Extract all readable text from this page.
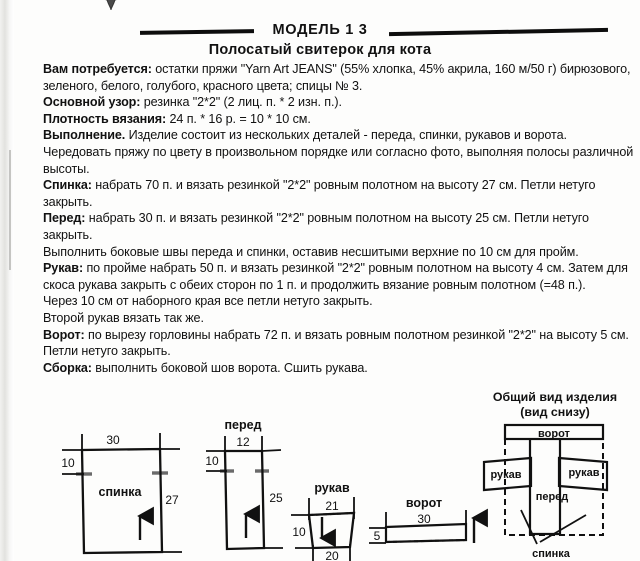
МОДЕЛЬ 1 3
Полосатый свитерок для кота

Вам потребуется: остатки пряжи "Yarn Art JEANS" (55% хлопка, 45% акрила, 160 м/50 г) бирюзового, зеленого, белого, голубого, красного цвета; спицы № 3.

Основной узор: резинка "2*2" (2 лиц. п. * 2 изн. п.).

Плотность вязания: 24 п. * 16 р. = 10 * 10 см.

Выполнение. Изделие состоит из нескольких деталей - переда, спинки, рукавов и ворота. Чередовать пряжу по цвету в произвольном порядке или согласно фото, выполняя полосы различной высоты.

Спинка: набрать 70 п. и вязать резинкой "2*2" ровным полотном на высоту 27 см. Петли нетуго закрыть.

Перед: набрать 30 п. и вязать резинкой "2*2" ровным полотном на высоту 25 см. Петли нетуго закрыть.

Выполнить боковые швы переда и спинки, оставив несшитыми верхние по 10 см для пройм.

Рукав: по пройме набрать 50 п. и вязать резинкой "2*2" ровным полотном на высоту 4 см. Затем для скоса рукава закрыть с обеих сторон по 1 п. и продолжить вязание ровным полотном (=48 п.).

Через 10 см от наборного края все петли нетуго закрыть.

Второй рукав вязать так же.

Ворот: по вырезу горловины набрать 72 п. и вязать ровным полотном резинкой "2*2" на высоту 5 см. Петли нетуго закрыть.

Сборка: выполнить боковой шов ворота. Сшить рукава.

Общий вид изделия
(вид снизу)
30
10
27
спинка
перед
12
10
25
рукав
21
10
20
ворот
30
5
ворот
рукав	рукав
перед
спинка
